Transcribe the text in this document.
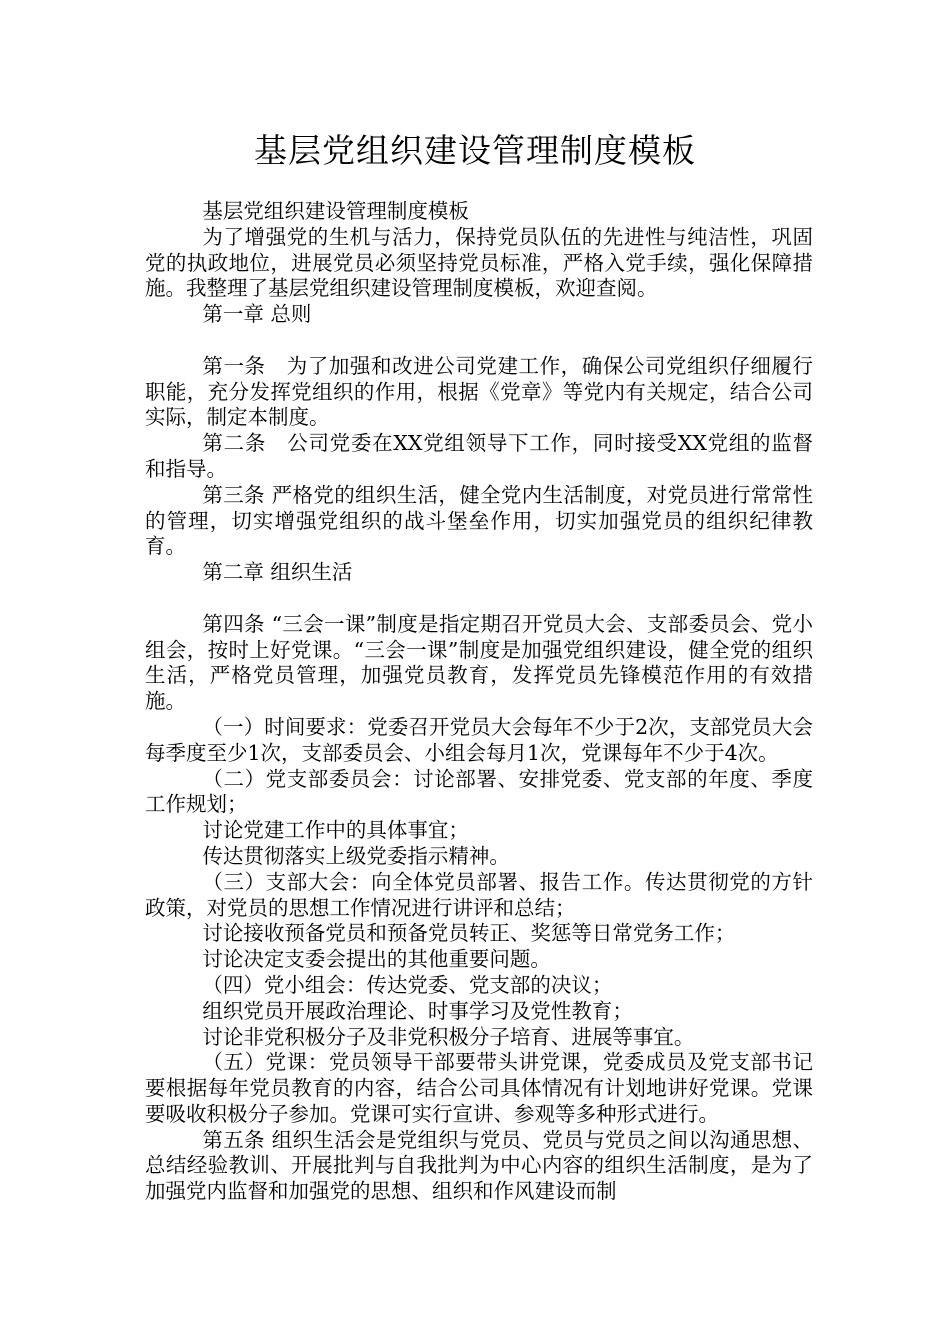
基层党组织建设管理制度模板

基层党组织建设管理制度模板

为了增强党的生机与活力，保持党员队伍的先进性与纯洁性，巩固党的执政地位，进展党员必须坚持党员标准，严格入党手续，强化保障措施。我整理了基层党组织建设管理制度模板，欢迎查阅。

第一章 总则

第一条　为了加强和改进公司党建工作，确保公司党组织仔细履行职能，充分发挥党组织的作用，根据《党章》等党内有关规定，结合公司实际，制定本制度。

第二条　公司党委在XX党组领导下工作，同时接受XX党组的监督和指导。

第三条 严格党的组织生活，健全党内生活制度，对党员进行常常性的管理，切实增强党组织的战斗堡垒作用，切实加强党员的组织纪律教育。

第二章 组织生活

第四条 “三会一课”制度是指定期召开党员大会、支部委员会、党小组会，按时上好党课。“三会一课”制度是加强党组织建设，健全党的组织生活，严格党员管理，加强党员教育，发挥党员先锋模范作用的有效措施。

（一）时间要求：党委召开党员大会每年不少于2次，支部党员大会每季度至少1次，支部委员会、小组会每月1次，党课每年不少于4次。

（二）党支部委员会：讨论部署、安排党委、党支部的年度、季度工作规划；

讨论党建工作中的具体事宜；

传达贯彻落实上级党委指示精神。

（三）支部大会：向全体党员部署、报告工作。传达贯彻党的方针政策，对党员的思想工作情况进行讲评和总结；

讨论接收预备党员和预备党员转正、奖惩等日常党务工作；

讨论决定支委会提出的其他重要问题。

（四）党小组会：传达党委、党支部的决议；

组织党员开展政治理论、时事学习及党性教育；

讨论非党积极分子及非党积极分子培育、进展等事宜。

（五）党课：党员领导干部要带头讲党课，党委成员及党支部书记要根据每年党员教育的内容，结合公司具体情况有计划地讲好党课。党课要吸收积极分子参加。党课可实行宣讲、参观等多种形式进行。

第五条 组织生活会是党组织与党员、党员与党员之间以沟通思想、总结经验教训、开展批判与自我批判为中心内容的组织生活制度，是为了加强党内监督和加强党的思想、组织和作风建设而制
